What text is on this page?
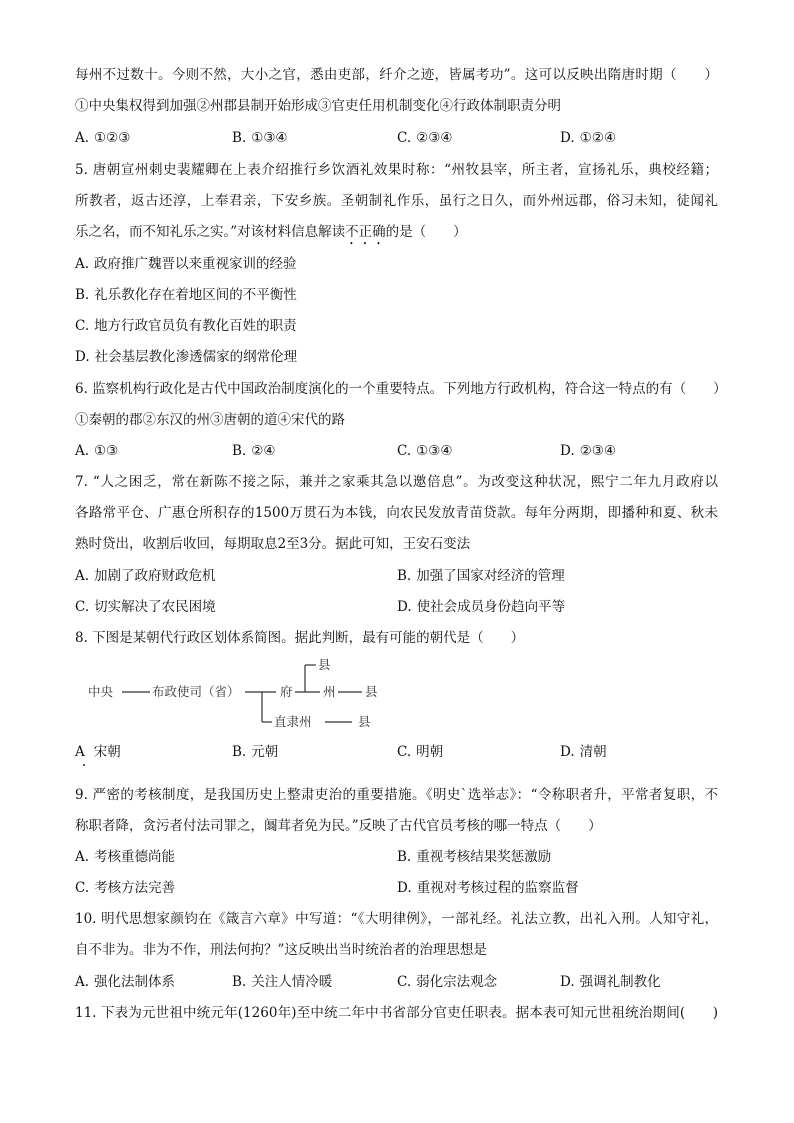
每州不过数十。今则不然，大小之官，悉由吏部，纤介之迹，皆属考功”。这可以反映出隋唐时期（　　）
①中央集权得到加强②州郡县制开始形成③官吏任用机制变化④行政体制职责分明
A. ①②③	B. ①③④	C. ②③④	D. ①②④
5. 唐朝宣州刺史裴耀卿在上表介绍推行乡饮酒礼效果时称：“州牧县宰，所主者，宣扬礼乐，典校经籍；
所教者，返古还淳，上奉君亲，下安乡族。圣朝制礼作乐，虽行之日久，而外州远郡，俗习未知，徒闻礼
乐之名，而不知礼乐之实。”对该材料信息解读不正确的是（　　）
A. 政府推广魏晋以来重视家训的经验
B. 礼乐教化存在着地区间的不平衡性
C. 地方行政官员负有教化百姓的职责
D. 社会基层教化渗透儒家的纲常伦理
6. 监察机构行政化是古代中国政治制度演化的一个重要特点。下列地方行政机构，符合这一特点的有（　　）
①秦朝的郡②东汉的州③唐朝的道④宋代的路
A. ①③	B. ②④	C. ①③④	D. ②③④
7. “人之困乏，常在新陈不接之际，兼并之家乘其急以邀倍息”。为改变这种状况，熙宁二年九月政府以
各路常平仓、广惠仓所积存的1500万贯石为本钱，向农民发放青苗贷款。每年分两期，即播种和夏、秋未
熟时贷出，收割后收回，每期取息2至3分。据此可知，王安石变法
A. 加剧了政府财政危机	B. 加强了国家对经济的管理
C. 切实解决了农民困境	D. 使社会成员身份趋向平等
8. 下图是某朝代行政区划体系简图。据此判断，最有可能的朝代是（　　）
中央	布政使司（省）	府
县
州 县
直隶州	县
A 宋朝	B. 元朝	C. 明朝	D. 清朝
9. 严密的考核制度，是我国历史上整肃吏治的重要措施。《明史`选举志》：“令称职者升，平常者复职，不
称职者降，贪污者付法司罪之，阘茸者免为民。”反映了古代官员考核的哪一特点（　　）
A. 考核重德尚能	B. 重视考核结果奖惩激励
C. 考核方法完善	D. 重视对考核过程的监察监督
10. 明代思想家颜钧在《箴言六章》中写道：“《大明律例》，一部礼经。礼法立教，出礼入刑。人知守礼，
自不非为。非为不作，刑法何拘？”这反映出当时统治者的治理思想是
A. 强化法制体系	B. 关注人情冷暖	C. 弱化宗法观念	D. 强调礼制教化
11. 下表为元世祖中统元年(1260年)至中统二年中书省部分官吏任职表。据本表可知元世祖统治期间(　　)
